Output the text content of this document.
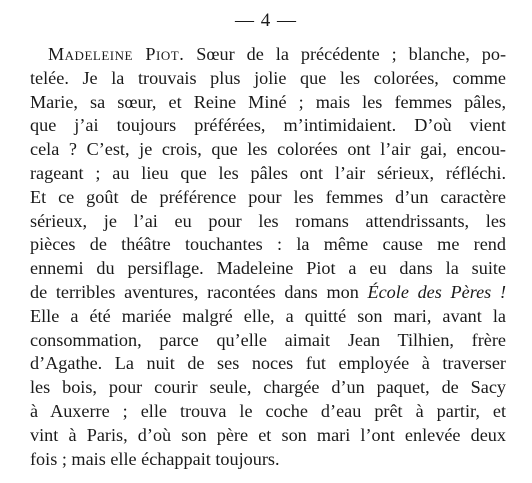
— 4 —
Madeleine Piot. Sœur de la précédente ; blanche, po-
telée. Je la trouvais plus jolie que les colorées, comme
Marie, sa sœur, et Reine Miné ; mais les femmes pâles,
que j’ai toujours préférées, m’intimidaient. D’où vient
cela ? C’est, je crois, que les colorées ont l’air gai, encou-
rageant ; au lieu que les pâles ont l’air sérieux, réfléchi.
Et ce goût de préférence pour les femmes d’un caractère
sérieux, je l’ai eu pour les romans attendrissants, les
pièces de théâtre touchantes : la même cause me rend
ennemi du persiflage. Madeleine Piot a eu dans la suite
de terribles aventures, racontées dans mon École des Pères !
Elle a été mariée malgré elle, a quitté son mari, avant la
consommation, parce qu’elle aimait Jean Tilhien, frère
d’Agathe. La nuit de ses noces fut employée à traverser
les bois, pour courir seule, chargée d’un paquet, de Sacy
à Auxerre ; elle trouva le coche d’eau prêt à partir, et
vint à Paris, d’où son père et son mari l’ont enlevée deux
fois ; mais elle échappait toujours.
